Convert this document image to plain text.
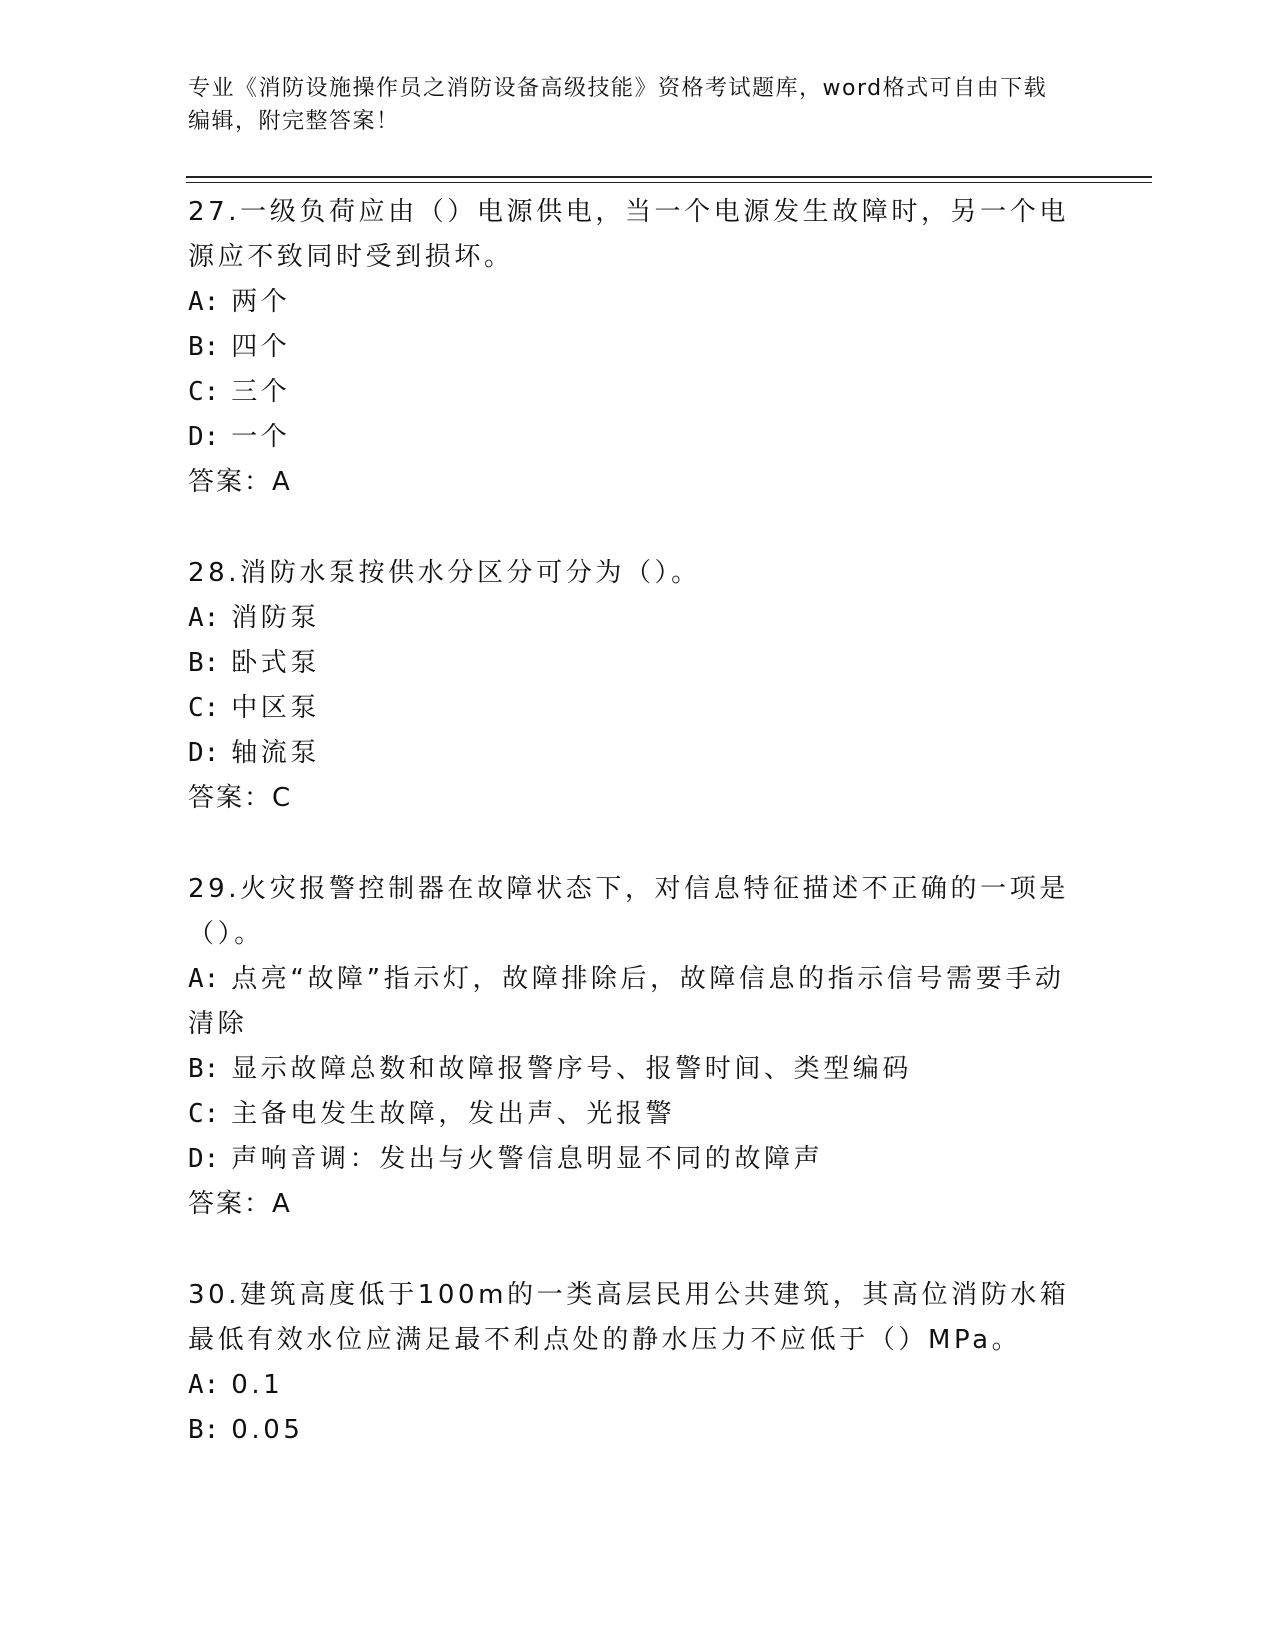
专业《消防设施操作员之消防设备高级技能》资格考试题库，word格式可自由下载编辑，附完整答案！

27.一级负荷应由（）电源供电，当一个电源发生故障时，另一个电源应不致同时受到损坏。

A: 两个

B: 四个

C: 三个

D: 一个

答案：A

28.消防水泵按供水分区分可分为（）。

A: 消防泵

B: 卧式泵

C: 中区泵

D: 轴流泵

答案：C

29.火灾报警控制器在故障状态下，对信息特征描述不正确的一项是（）。

A: 点亮“故障”指示灯，故障排除后，故障信息的指示信号需要手动清除

B: 显示故障总数和故障报警序号、报警时间、类型编码

C: 主备电发生故障，发出声、光报警

D: 声响音调：发出与火警信息明显不同的故障声

答案：A

30.建筑高度低于100m的一类高层民用公共建筑，其高位消防水箱最低有效水位应满足最不利点处的静水压力不应低于（）MPa。

A: 0.1

B: 0.05
